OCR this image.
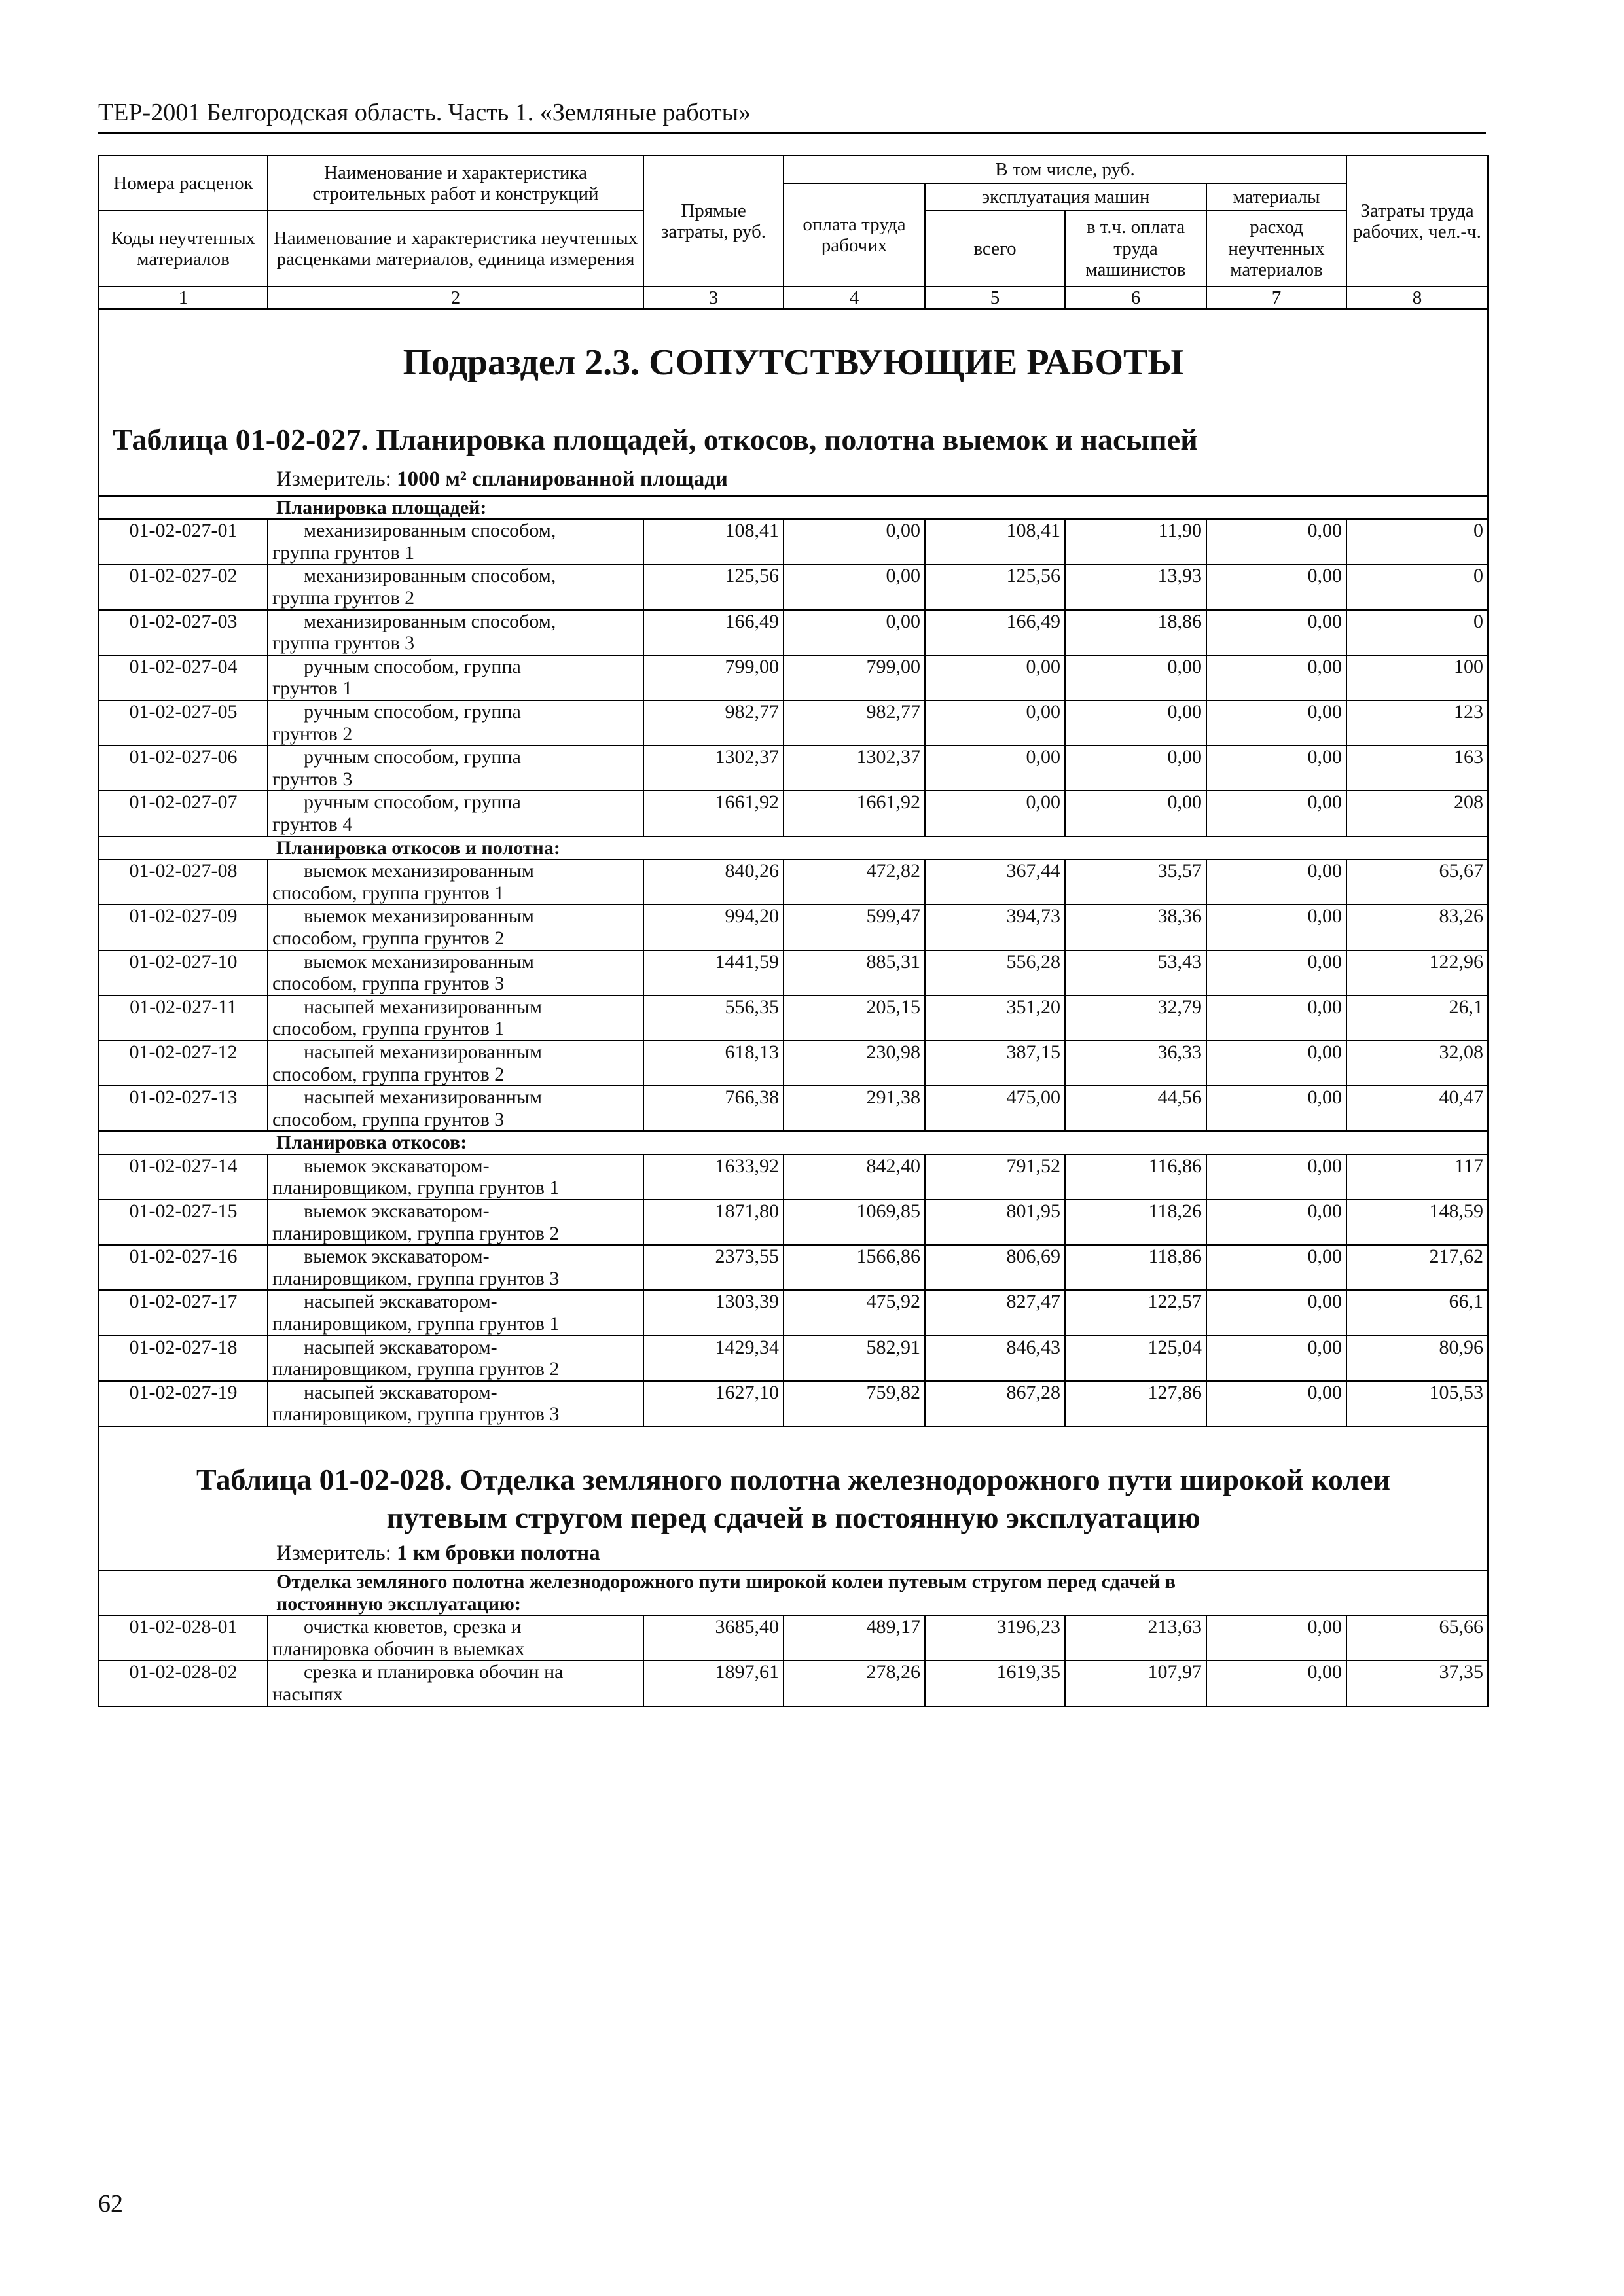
ТЕР-2001 Белгородская область. Часть 1. «Земляные работы»
Номера расценок	Наименование и характеристика строительных работ и конструкций	Прямые затраты, руб.	В том числе, руб.				Затраты труда рабочих, чел.-ч.
			оплата труда рабочих	эксплуатация машин		материалы	
Коды неучтенных материалов	Наименование и характеристика неучтенных расценками материалов, единица измерения			всего	в т.ч. оплата труда машинистов	расход неучтенных материалов	

1	2	3	4	5	6	7	8
Подраздел 2.3. СОПУТСТВУЮЩИЕ РАБОТЫ							
Таблица 01-02-027. Планировка площадей, откосов, полотна выемок и насыпей							
Измеритель: 1000 м² спланированной площади							
Планировка площадей:							
01-02-027-01	механизированным способом,
группа грунтов 1	108,41	0,00	108,41	11,90	0,00	0
01-02-027-02	механизированным способом,
группа грунтов 2	125,56	0,00	125,56	13,93	0,00	0
01-02-027-03	механизированным способом,
группа грунтов 3	166,49	0,00	166,49	18,86	0,00	0
01-02-027-04	ручным способом, группа
грунтов 1	799,00	799,00	0,00	0,00	0,00	100
01-02-027-05	ручным способом, группа
грунтов 2	982,77	982,77	0,00	0,00	0,00	123
01-02-027-06	ручным способом, группа
грунтов 3	1302,37	1302,37	0,00	0,00	0,00	163
01-02-027-07	ручным способом, группа
грунтов 4	1661,92	1661,92	0,00	0,00	0,00	208
Планировка откосов и полотна:							
01-02-027-08	выемок механизированным
способом, группа грунтов 1	840,26	472,82	367,44	35,57	0,00	65,67
01-02-027-09	выемок механизированным
способом, группа грунтов 2	994,20	599,47	394,73	38,36	0,00	83,26
01-02-027-10	выемок механизированным
способом, группа грунтов 3	1441,59	885,31	556,28	53,43	0,00	122,96
01-02-027-11	насыпей механизированным
способом, группа грунтов 1	556,35	205,15	351,20	32,79	0,00	26,1
01-02-027-12	насыпей механизированным
способом, группа грунтов 2	618,13	230,98	387,15	36,33	0,00	32,08
01-02-027-13	насыпей механизированным
способом, группа грунтов 3	766,38	291,38	475,00	44,56	0,00	40,47
Планировка откосов:							
01-02-027-14	выемок экскаватором-
планировщиком, группа грунтов 1	1633,92	842,40	791,52	116,86	0,00	117
01-02-027-15	выемок экскаватором-
планировщиком, группа грунтов 2	1871,80	1069,85	801,95	118,26	0,00	148,59
01-02-027-16	выемок экскаватором-
планировщиком, группа грунтов 3	2373,55	1566,86	806,69	118,86	0,00	217,62
01-02-027-17	насыпей экскаватором-
планировщиком, группа грунтов 1	1303,39	475,92	827,47	122,57	0,00	66,1
01-02-027-18	насыпей экскаватором-
планировщиком, группа грунтов 2	1429,34	582,91	846,43	125,04	0,00	80,96
01-02-027-19	насыпей экскаватором-
планировщиком, группа грунтов 3	1627,10	759,82	867,28	127,86	0,00	105,53

Таблица 01-02-028. Отделка земляного полотна железнодорожного пути широкой колеи
путевым стругом перед сдачей в постоянную эксплуатацию							

Измеритель: 1 км бровки полотна							

Отделка земляного полотна железнодорожного пути широкой колеи путевым стругом перед сдачей в
постоянную эксплуатацию:							

01-02-028-01	очистка кюветов, срезка и
планировка обочин в выемках	3685,40	489,17	3196,23	213,63	0,00	65,66
01-02-028-02	срезка и планировка обочин на
насыпях	1897,61	278,26	1619,35	107,97	0,00	37,35
62
